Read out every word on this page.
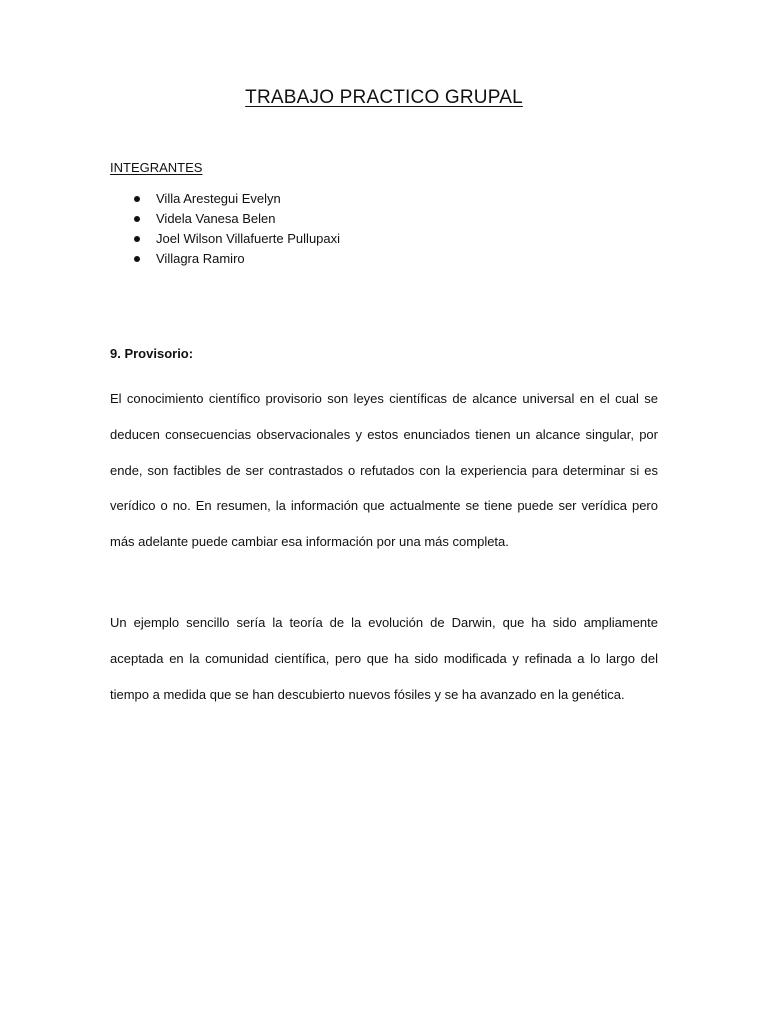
TRABAJO PRACTICO GRUPAL
INTEGRANTES
Villa Arestegui Evelyn
Videla Vanesa Belen
Joel Wilson Villafuerte Pullupaxi
Villagra Ramiro
9. Provisorio:

El conocimiento científico provisorio son leyes científicas de alcance universal en el cual se deducen consecuencias observacionales y estos enunciados tienen un alcance singular, por ende, son factibles de ser contrastados o refutados con la experiencia para determinar si es verídico o no. En resumen, la información que actualmente se tiene puede ser verídica pero más adelante puede cambiar esa información por una más completa.

Un ejemplo sencillo sería la teoría de la evolución de Darwin, que ha sido ampliamente aceptada en la comunidad científica, pero que ha sido modificada y refinada a lo largo del tiempo a medida que se han descubierto nuevos fósiles y se ha avanzado en la genética.
